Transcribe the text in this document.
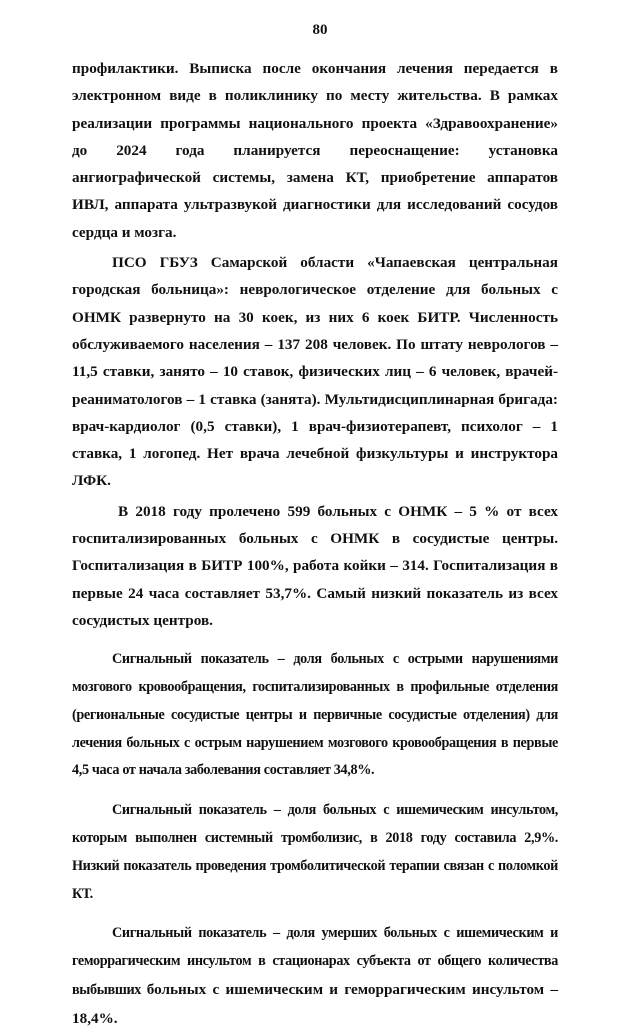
80

профилактики. Выписка после окончания лечения передается в электронном виде в поликлинику по месту жительства. В рамках реализации программы национального проекта «Здравоохранение» до 2024 года планируется переоснащение: установка ангиографической системы, замена КТ, приобретение аппаратов ИВЛ, аппарата ультразвукой диагностики для исследований сосудов сердца и мозга.

ПСО ГБУЗ Самарской области «Чапаевская центральная городская больница»: неврологическое отделение для больных с ОНМК развернуто на 30 коек, из них 6 коек БИТР. Численность обслуживаемого населения – 137 208 человек. По штату неврологов – 11,5 ставки, занято – 10 ставок, физических лиц – 6 человек, врачей-реаниматологов – 1 ставка (занята). Мультидисциплинарная бригада: врач-кардиолог (0,5 ставки), 1 врач-физиотерапевт, психолог – 1 ставка, 1 логопед. Нет врача лечебной физкультуры и инструктора ЛФК.

В 2018 году пролечено 599 больных с ОНМК – 5 % от всех госпитализированных больных с ОНМК в сосудистые центры. Госпитализация в БИТР 100%, работа койки – 314. Госпитализация в первые 24 часа составляет 53,7%. Самый низкий показатель из всех сосудистых центров.

Сигнальный показатель – доля больных с острыми нарушениями мозгового кровообращения, госпитализированных в профильные отделения (региональные сосудистые центры и первичные сосудистые отделения) для лечения больных с острым нарушением мозгового кровообращения в первые 4,5 часа от начала заболевания составляет 34,8%.

Сигнальный показатель – доля больных с ишемическим инсультом, которым выполнен системный тромболизис, в 2018 году составила 2,9%. Низкий показатель проведения тромболитической терапии связан с поломкой КТ.

Сигнальный показатель – доля умерших больных с ишемическим и геморрагическим инсультом в стационарах субъекта от общего количества выбывших больных с ишемическим и геморрагическим инсультом – 18,4%.
